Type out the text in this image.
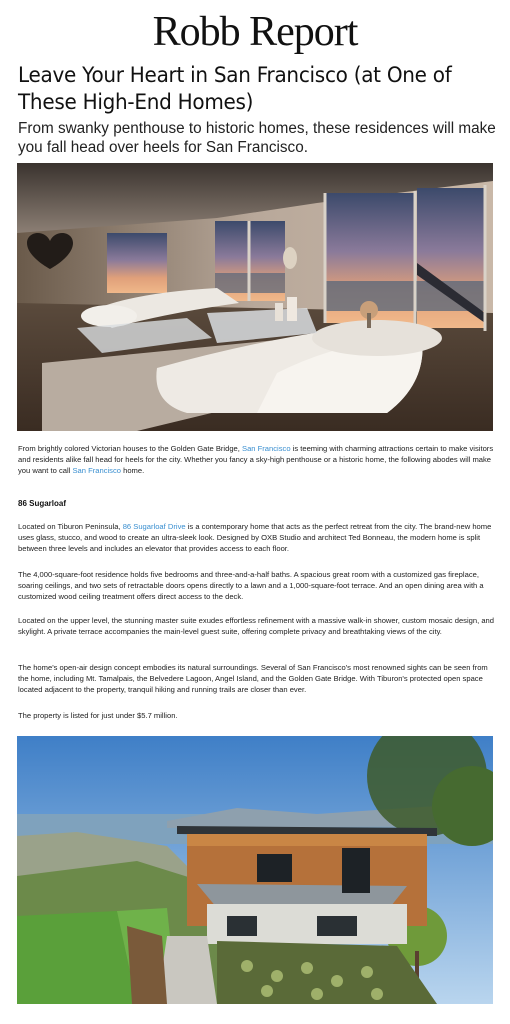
Robb Report
Leave Your Heart in San Francisco (at One of These High-End Homes)
From swanky penthouse to historic homes, these residences will make you fall head over heels for San Francisco.

From brightly colored Victorian houses to the Golden Gate Bridge, San Francisco is teeming with charming attractions certain to make visitors and residents alike fall head for heels for the city. Whether you fancy a sky-high penthouse or a historic home, the following abodes will make you want to call San Francisco home.

86 Sugarloaf

Located on Tiburon Peninsula, 86 Sugarloaf Drive is a contemporary home that acts as the perfect retreat from the city. The brand-new home uses glass, stucco, and wood to create an ultra-sleek look. Designed by OXB Studio and architect Ted Bonneau, the modern home is split between three levels and includes an elevator that provides access to each floor.

The 4,000-square-foot residence holds five bedrooms and three-and-a-half baths. A spacious great room with a customized gas fireplace, soaring ceilings, and two sets of retractable doors opens directly to a lawn and a 1,000-square-foot terrace. And an open dining area with a customized wood ceiling treatment offers direct access to the deck.

Located on the upper level, the stunning master suite exudes effortless refinement with a massive walk-in shower, custom mosaic design, and skylight. A private terrace accompanies the main-level guest suite, offering complete privacy and breathtaking views of the city.

The home's open-air design concept embodies its natural surroundings. Several of San Francisco's most renowned sights can be seen from the home, including Mt. Tamalpais, the Belvedere Lagoon, Angel Island, and the Golden Gate Bridge. With Tiburon's protected open space located adjacent to the property, tranquil hiking and running trails are closer than ever.

The property is listed for just under $5.7 million.
